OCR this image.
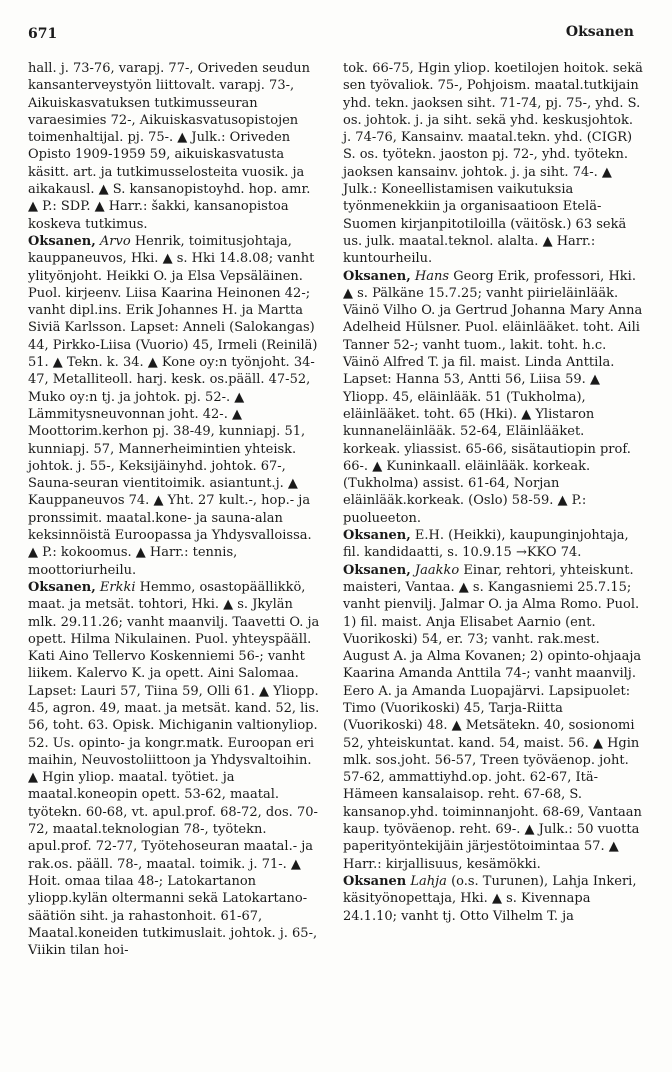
671	Oksanen

hall. j. 73-76, varapj. 77-, Oriveden seudun kansanterveystyön liittovalt. varapj. 73-, Aikuiskasvatuksen tutkimusseuran varaesimies 72-, Aikuiskasvatusopistojen toimenhaltijal. pj. 75-. ▲ Julk.: Oriveden Opisto 1909-1959 59, aikuiskasvatusta käsitt. art. ja tutkimusselosteita vuosik. ja aikakausl. ▲ S. kansanopistoyhd. hop. amr. ▲ P.: SDP. ▲ Harr.: šakki, kansanopistoa koskeva tutkimus.

Oksanen, Arvo Henrik, toimitusjohtaja, kauppaneuvos, Hki. ▲ s. Hki 14.8.08; vanht ylityönjoht. Heikki O. ja Elsa Vepsäläinen. Puol. kirjeenv. Liisa Kaarina Heinonen 42-; vanht dipl.ins. Erik Johannes H. ja Martta Siviä Karlsson. Lapset: Anneli (Salokangas) 44, Pirkko-Liisa (Vuorio) 45, Irmeli (Reinilä) 51. ▲ Tekn. k. 34. ▲ Kone oy:n työnjoht. 34-47, Metalliteoll. harj. kesk. os.pääll. 47-52, Muko oy:n tj. ja johtok. pj. 52-. ▲ Lämmitysneuvonnan joht. 42-. ▲ Moottorim.kerhon pj. 38-49, kunniapj. 51, kunniapj. 57, Mannerheimintien yhteisk. johtok. j. 55-, Keksijäinyhd. johtok. 67-, Sauna-seuran vientitoimik. asiantunt.j. ▲ Kauppaneuvos 74. ▲ Yht. 27 kult.-, hop.- ja pronssimit. maatal.kone- ja sauna-alan keksinnöistä Euroopassa ja Yhdysvalloissa. ▲ P.: kokoomus. ▲ Harr.: tennis, moottoriurheilu.

Oksanen, Erkki Hemmo, osastopäällikkö, maat. ja metsät. tohtori, Hki. ▲ s. Jkylän mlk. 29.11.26; vanht maanvilj. Taavetti O. ja opett. Hilma Nikulainen. Puol. yhteyspääll. Kati Aino Tellervo Koskenniemi 56-; vanht liikem. Kalervo K. ja opett. Aini Salomaa. Lapset: Lauri 57, Tiina 59, Olli 61. ▲ Yliopp. 45, agron. 49, maat. ja metsät. kand. 52, lis. 56, toht. 63. Opisk. Michiganin valtionyliop. 52. Us. opinto- ja kongr.matk. Euroopan eri maihin, Neuvostoliittoon ja Yhdysvaltoihin. ▲ Hgin yliop. maatal. työtiet. ja maatal.koneopin opett. 53-62, maatal. työtekn. 60-68, vt. apul.prof. 68-72, dos. 70-72, maatal.teknologian 78-, työtekn. apul.prof. 72-77, Työtehoseuran maatal.- ja rak.os. pääll. 78-, maatal. toimik. j. 71-. ▲ Hoit. omaa tilaa 48-; Latokartanon yliopp.kylän oltermanni sekä Latokartano-säätiön siht. ja rahastonhoit. 61-67, Maatal.koneiden tutkimuslait. johtok. j. 65-, Viikin tilan hoi-

tok. 66-75, Hgin yliop. koetilojen hoitok. sekä sen työvaliok. 75-, Pohjoism. maatal.tutkijain yhd. tekn. jaoksen siht. 71-74, pj. 75-, yhd. S. os. johtok. j. ja siht. sekä yhd. keskusjohtok. j. 74-76, Kansainv. maatal.tekn. yhd. (CIGR) S. os. työtekn. jaoston pj. 72-, yhd. työtekn. jaoksen kansainv. johtok. j. ja siht. 74-. ▲ Julk.: Koneellistamisen vaikutuksia työnmenekkiin ja organisaatioon Etelä-Suomen kirjanpitotiloilla (väitösk.) 63 sekä us. julk. maatal.teknol. alalta. ▲ Harr.: kuntourheilu.

Oksanen, Hans Georg Erik, professori, Hki. ▲ s. Pälkäne 15.7.25; vanht piirieläinlääk. Väinö Vilho O. ja Gertrud Johanna Mary Anna Adelheid Hülsner. Puol. eläinlääket. toht. Aili Tanner 52-; vanht tuom., lakit. toht. h.c. Väinö Alfred T. ja fil. maist. Linda Anttila. Lapset: Hanna 53, Antti 56, Liisa 59. ▲ Yliopp. 45, eläinlääk. 51 (Tukholma), eläinlääket. toht. 65 (Hki). ▲ Ylistaron kunnaneläinlääk. 52-64, Eläinlääket. korkeak. yliassist. 65-66, sisätautiopin prof. 66-. ▲ Kuninkaall. eläinlääk. korkeak. (Tukholma) assist. 61-64, Norjan eläinlääk.korkeak. (Oslo) 58-59. ▲ P.: puolueeton.

Oksanen, E.H. (Heikki), kaupunginjohtaja, fil. kandidaatti, s. 10.9.15 →KKO 74.

Oksanen, Jaakko Einar, rehtori, yhteiskunt. maisteri, Vantaa. ▲ s. Kangasniemi 25.7.15; vanht pienvilj. Jalmar O. ja Alma Romo. Puol. 1) fil. maist. Anja Elisabet Aarnio (ent. Vuorikoski) 54, er. 73; vanht. rak.mest. August A. ja Alma Kovanen; 2) opinto-ohjaaja Kaarina Amanda Anttila 74-; vanht maanvilj. Eero A. ja Amanda Luopajärvi. Lapsipuolet: Timo (Vuorikoski) 45, Tarja-Riitta (Vuorikoski) 48. ▲ Metsätekn. 40, sosionomi 52, yhteiskuntat. kand. 54, maist. 56. ▲ Hgin mlk. sos.joht. 56-57, Treen työväenop. joht. 57-62, ammattiyhd.op. joht. 62-67, Itä-Hämeen kansalaisop. reht. 67-68, S. kansanop.yhd. toiminnanjoht. 68-69, Vantaan kaup. työväenop. reht. 69-. ▲ Julk.: 50 vuotta paperityöntekijäin järjestötoimintaa 57. ▲ Harr.: kirjallisuus, kesämökki.

Oksanen Lahja (o.s. Turunen), Lahja Inkeri, käsityönopettaja, Hki. ▲ s. Kivennapa 24.1.10; vanht tj. Otto Vilhelm T. ja
